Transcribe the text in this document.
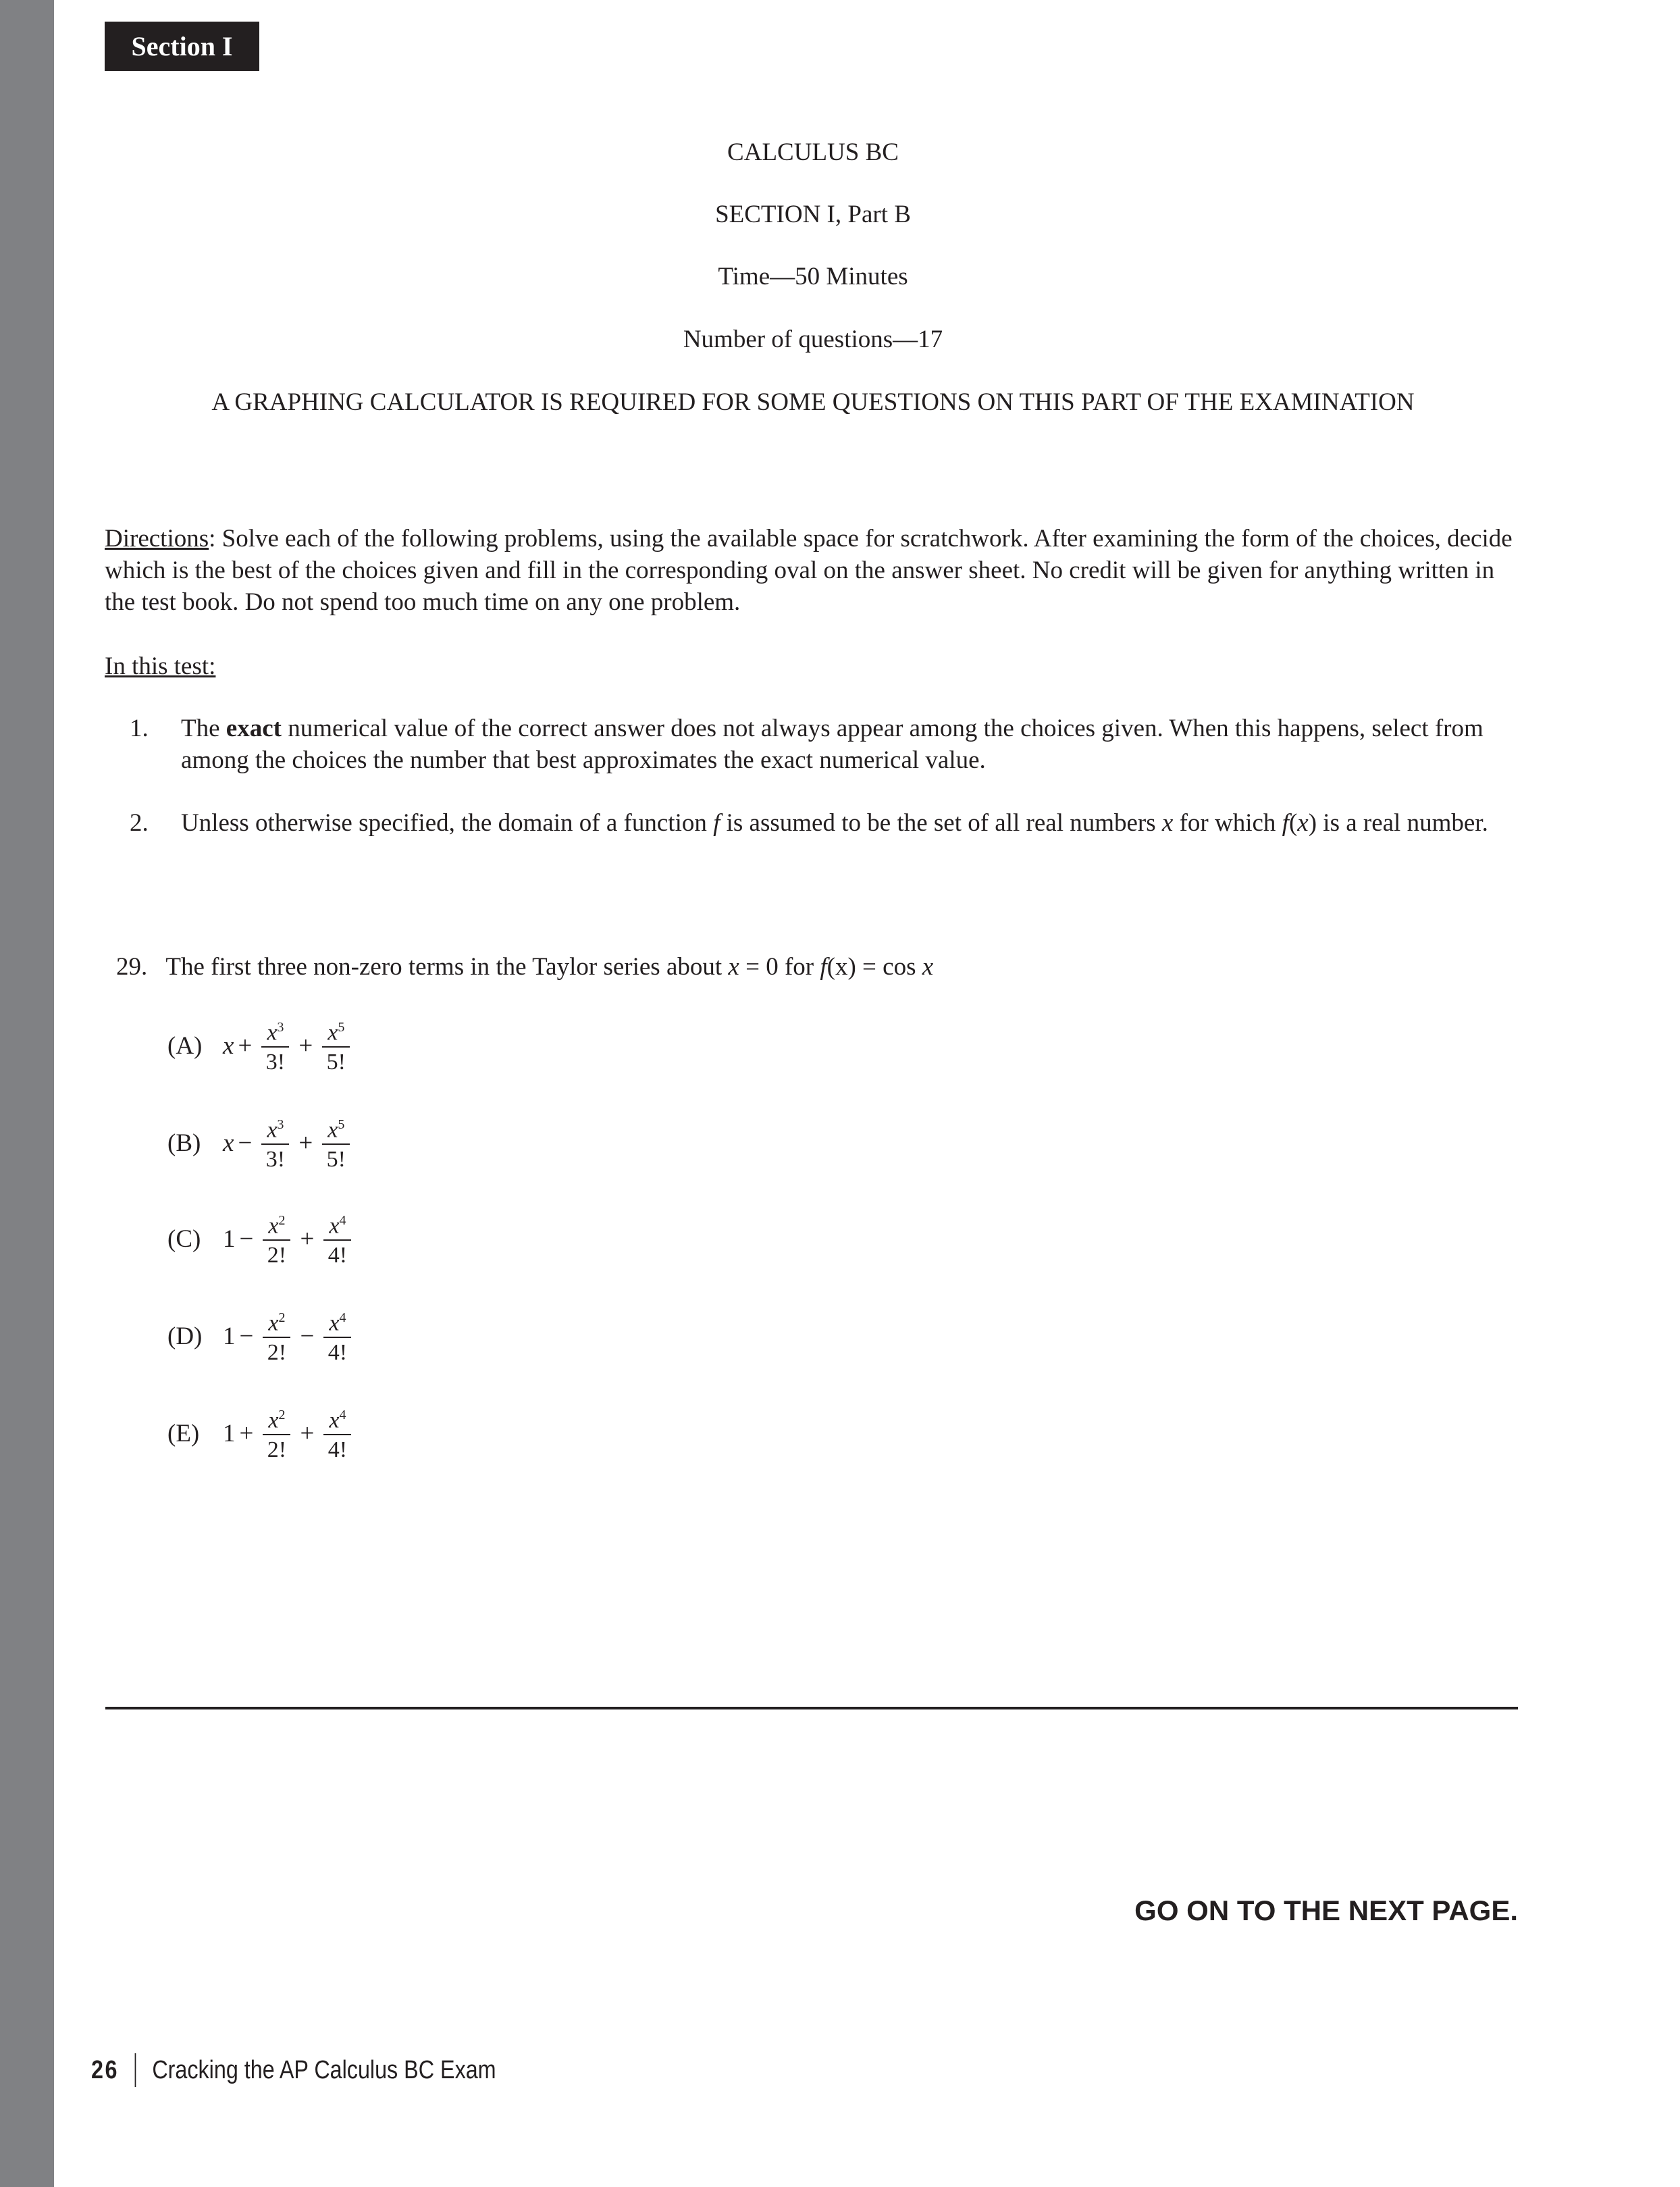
Section I
CALCULUS BC
SECTION I, Part B
Time—50 Minutes
Number of questions—17
A GRAPHING CALCULATOR IS REQUIRED FOR SOME QUESTIONS ON THIS PART OF THE EXAMINATION
Directions: Solve each of the following problems, using the available space for scratchwork. After examining the form of the choices, decide which is the best of the choices given and fill in the corresponding oval on the answer sheet. No credit will be given for anything written in the test book. Do not spend too much time on any one problem.
In this test:
1. The exact numerical value of the correct answer does not always appear among the choices given. When this happens, select from among the choices the number that best approximates the exact numerical value.
2. Unless otherwise specified, the domain of a function f is assumed to be the set of all real numbers x for which f(x) is a real number.
29. The first three non-zero terms in the Taylor series about x = 0 for f(x) = cos x
(A) $x + \frac{x^3}{3!} + \frac{x^5}{5!}$
(B) $x - \frac{x^3}{3!} + \frac{x^5}{5!}$
(C) $1 - \frac{x^2}{2!} + \frac{x^4}{4!}$
(D) $1 - \frac{x^2}{2!} - \frac{x^4}{4!}$
(E) $1 + \frac{x^2}{2!} + \frac{x^4}{4!}$
GO ON TO THE NEXT PAGE.
26 Cracking the AP Calculus BC Exam
